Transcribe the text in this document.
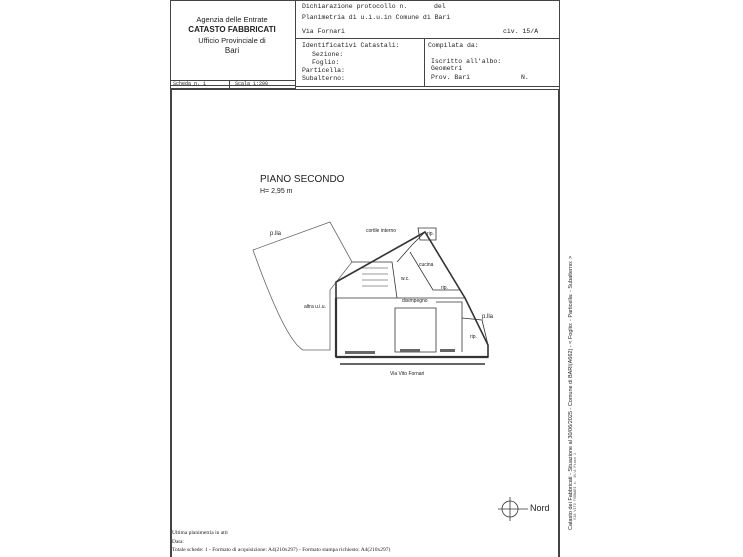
Agenzia delle Entrate
CATASTO FABBRICATI
Ufficio Provinciale di
Bari
Dichiarazione protocollo n.	del
Planimetria di u.i.u.in Comune di Bari
Via Fornari	civ. 15/A
Identificativi Catastali:
Sezione:
Foglio:
Particella:
Subalterno:
Compilata da:
Iscritto all'albo:
Geometri
Prov. Bari	N.
Scheda n. 1	Scala 1:200
PIANO SECONDO
H= 2,95 m
p.lla	cortile interno	rip.
w.c.
cucina
rip.
disimpegno
altra u.i.u.
p.lla
rip.
Via Vito Fornari
Nord	Catasto dei Fabbricati - Situazione al 30/06/2025 - Comune di BARI(A662) - < Foglio: - Particella: - Subalterno: > VIA VITO FORNARI n. 15/A Piano 2
Ultima planimetria in atti
Data:
Totale schede: 1 - Formato di acquisizione: A4(210x297) - Formato stampa richiesto: A4(210x297)
